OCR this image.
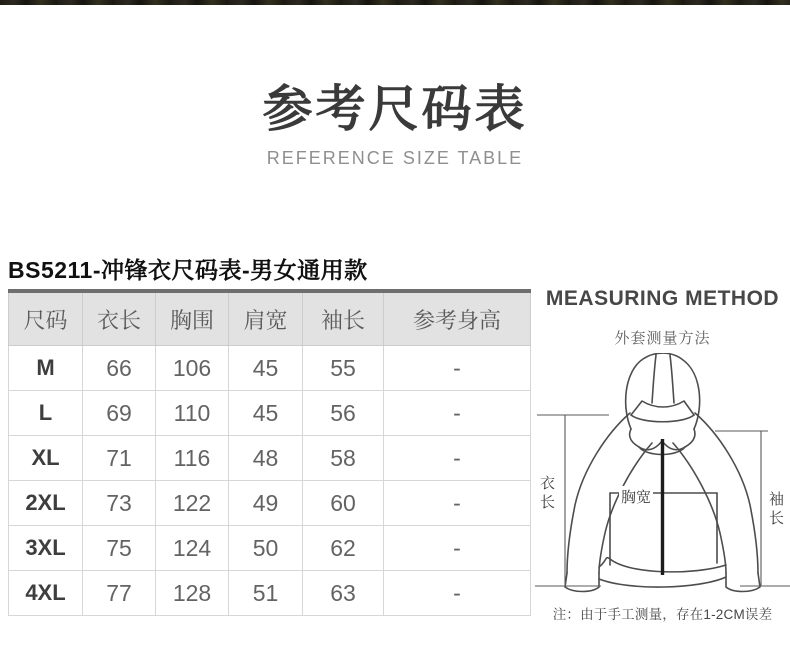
参考尺码表
REFERENCE SIZE TABLE
BS5211-冲锋衣尺码表-男女通用款
尺码	衣长	胸围	肩宽	袖长	参考身高
M	66	106	45	55	-
L	69	110	45	56	-
XL	71	116	48	58	-
2XL	73	122	49	60	-
3XL	75	124	50	62	-
4XL	77	128	51	63	-
MEASURING METHOD
外套测量方法
衣长	胸宽	袖长
注：由于手工测量，存在1-2CM误差
